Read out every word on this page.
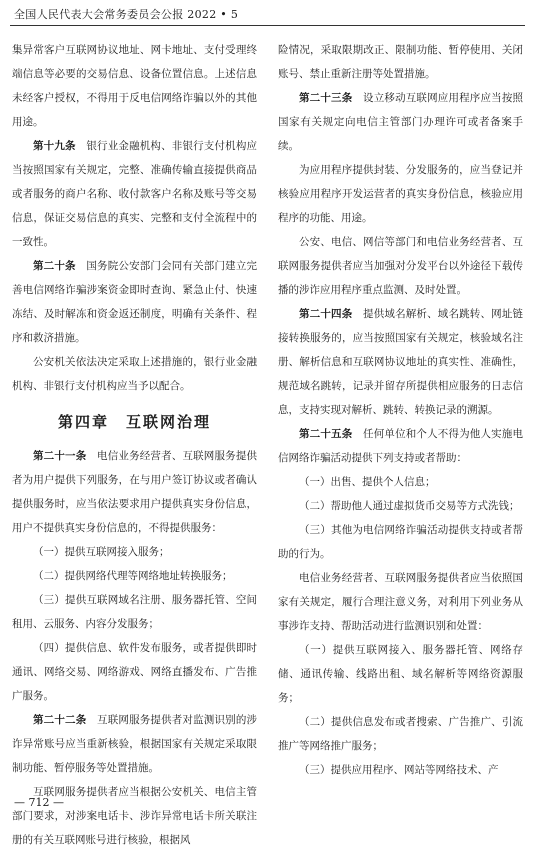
全国人民代表大会常务委员会公报 2022 • 5

集异常客户互联网协议地址、网卡地址、支付受理终端信息等必要的交易信息、设备位置信息。上述信息未经客户授权，不得用于反电信网络诈骗以外的其他用途。

第十九条　银行业金融机构、非银行支付机构应当按照国家有关规定，完整、准确传输直接提供商品或者服务的商户名称、收付款客户名称及账号等交易信息，保证交易信息的真实、完整和支付全流程中的一致性。

第二十条　国务院公安部门会同有关部门建立完善电信网络诈骗涉案资金即时查询、紧急止付、快速冻结、及时解冻和资金返还制度，明确有关条件、程序和救济措施。

公安机关依法决定采取上述措施的，银行业金融机构、非银行支付机构应当予以配合。

第四章　互联网治理

第二十一条　电信业务经营者、互联网服务提供者为用户提供下列服务，在与用户签订协议或者确认提供服务时，应当依法要求用户提供真实身份信息，用户不提供真实身份信息的，不得提供服务：

（一）提供互联网接入服务；

（二）提供网络代理等网络地址转换服务；

（三）提供互联网域名注册、服务器托管、空间租用、云服务、内容分发服务；

（四）提供信息、软件发布服务，或者提供即时通讯、网络交易、网络游戏、网络直播发布、广告推广服务。

第二十二条　互联网服务提供者对监测识别的涉诈异常账号应当重新核验，根据国家有关规定采取限制功能、暂停服务等处置措施。

互联网服务提供者应当根据公安机关、电信主管部门要求，对涉案电话卡、涉诈异常电话卡所关联注册的有关互联网账号进行核验，根据风

险情况，采取限期改正、限制功能、暂停使用、关闭账号、禁止重新注册等处置措施。

第二十三条　设立移动互联网应用程序应当按照国家有关规定向电信主管部门办理许可或者备案手续。

为应用程序提供封装、分发服务的，应当登记并核验应用程序开发运营者的真实身份信息，核验应用程序的功能、用途。

公安、电信、网信等部门和电信业务经营者、互联网服务提供者应当加强对分发平台以外途径下载传播的涉诈应用程序重点监测、及时处置。

第二十四条　提供域名解析、域名跳转、网址链接转换服务的，应当按照国家有关规定，核验域名注册、解析信息和互联网协议地址的真实性、准确性，规范域名跳转，记录并留存所提供相应服务的日志信息，支持实现对解析、跳转、转换记录的溯源。

第二十五条　任何单位和个人不得为他人实施电信网络诈骗活动提供下列支持或者帮助：

（一）出售、提供个人信息；

（二）帮助他人通过虚拟货币交易等方式洗钱；

（三）其他为电信网络诈骗活动提供支持或者帮助的行为。

电信业务经营者、互联网服务提供者应当依照国家有关规定，履行合理注意义务，对利用下列业务从事涉诈支持、帮助活动进行监测识别和处置：

（一）提供互联网接入、服务器托管、网络存储、通讯传输、线路出租、域名解析等网络资源服务；

（二）提供信息发布或者搜索、广告推广、引流推广等网络推广服务；

（三）提供应用程序、网站等网络技术、产

— 712 —
